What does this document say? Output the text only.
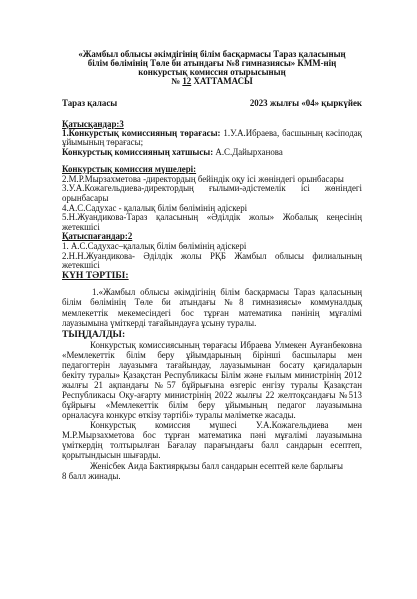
«Жамбыл облысы әкімдігінің білім басқармасы Тараз қаласының
білім бөлімінің Төле би атындағы №8 гимназиясы» КММ-нің
конкурстық комиссия отырысының
№ 12 ХАТТАМАСЫ
Тараз қаласы	2023 жылғы «04» қыркүйек
Қатысқандар:3
1.Конкурстық комиссияның төрағасы: 1.У.А.Ибраева, басшының кәсіподақ
ұйымының төрағасы;
Конкурстық комиссияның хатшысы: А.С.Дайырханова
Конкурстық комиссия мүшелері:
2.М.Р.Мырзахметова -директордың бейіндік оқу ісі жөніндегі орынбасары
3.У.А.Кожагельдиева-директордың ғылыми-әдістемелік ісі жөніндегі
орынбасары
4.А.С.Садухас - қалалық білім бөлімінің әдіскері
5.Н.Жуандикова-Тараз қаласының «Әділдік жолы» Жобалық кеңесінің
жетекшісі
Қатыспағандар:2
1. А.С.Садухас–қалалық білім бөлімінің әдіскері
2.Н.Н.Жуандикова- Әділдік жолы РҚБ Жамбыл облысы филиалының
жетекшісі
КҮН ТӘРТІБІ:
1.«Жамбыл облысы әкімдігінің білім басқармасы Тараз қаласының
білім бөлімінің Төле би атындағы №8 гимназиясы» коммуналдық
мемлекеттік мекемесіндегі бос тұрған математика пәнінің мұғалімі
лауазымына үміткерді тағайындауға ұсыну туралы.
ТЫҢДАЛДЫ:
Конкурстық комиссиясының төрағасы Ибраева Улмекен Ауғанбековна
«Мемлекеттік білім беру ұйымдарының бірінші басшылары мен
педагогтерін лауазымға тағайындау, лауазымынан босату қағидаларын
бекіту туралы» Қазақстан Республикасы Білім және ғылым министрінің 2012
жылғы 21 ақпандағы №57 бұйрығына өзгеріс енгізу туралы Қазақстан
Республикасы Оқу-ағарту министрінің 2022 жылғы 22 желтоқсандағы №513
бұйрығы «Мемлекеттік білім беру ұйымының педагог лауазымына
орналасуға конкурс өткізу тәртібі» туралы мәліметке жасады.
Конкурстық комиссия мүшесі У.А.Кожагельдиева мен
М.Р.Мырзахметова бос тұрған математика пәні мұғалімі лауазымына
үміткердің толтырылған Бағалау парағындағы балл сандарын есептеп,
қорытындысын шығарды.
Женісбек Аида Бактиярқызы балл сандарын есептей келе барлығы
8 балл жинады.
